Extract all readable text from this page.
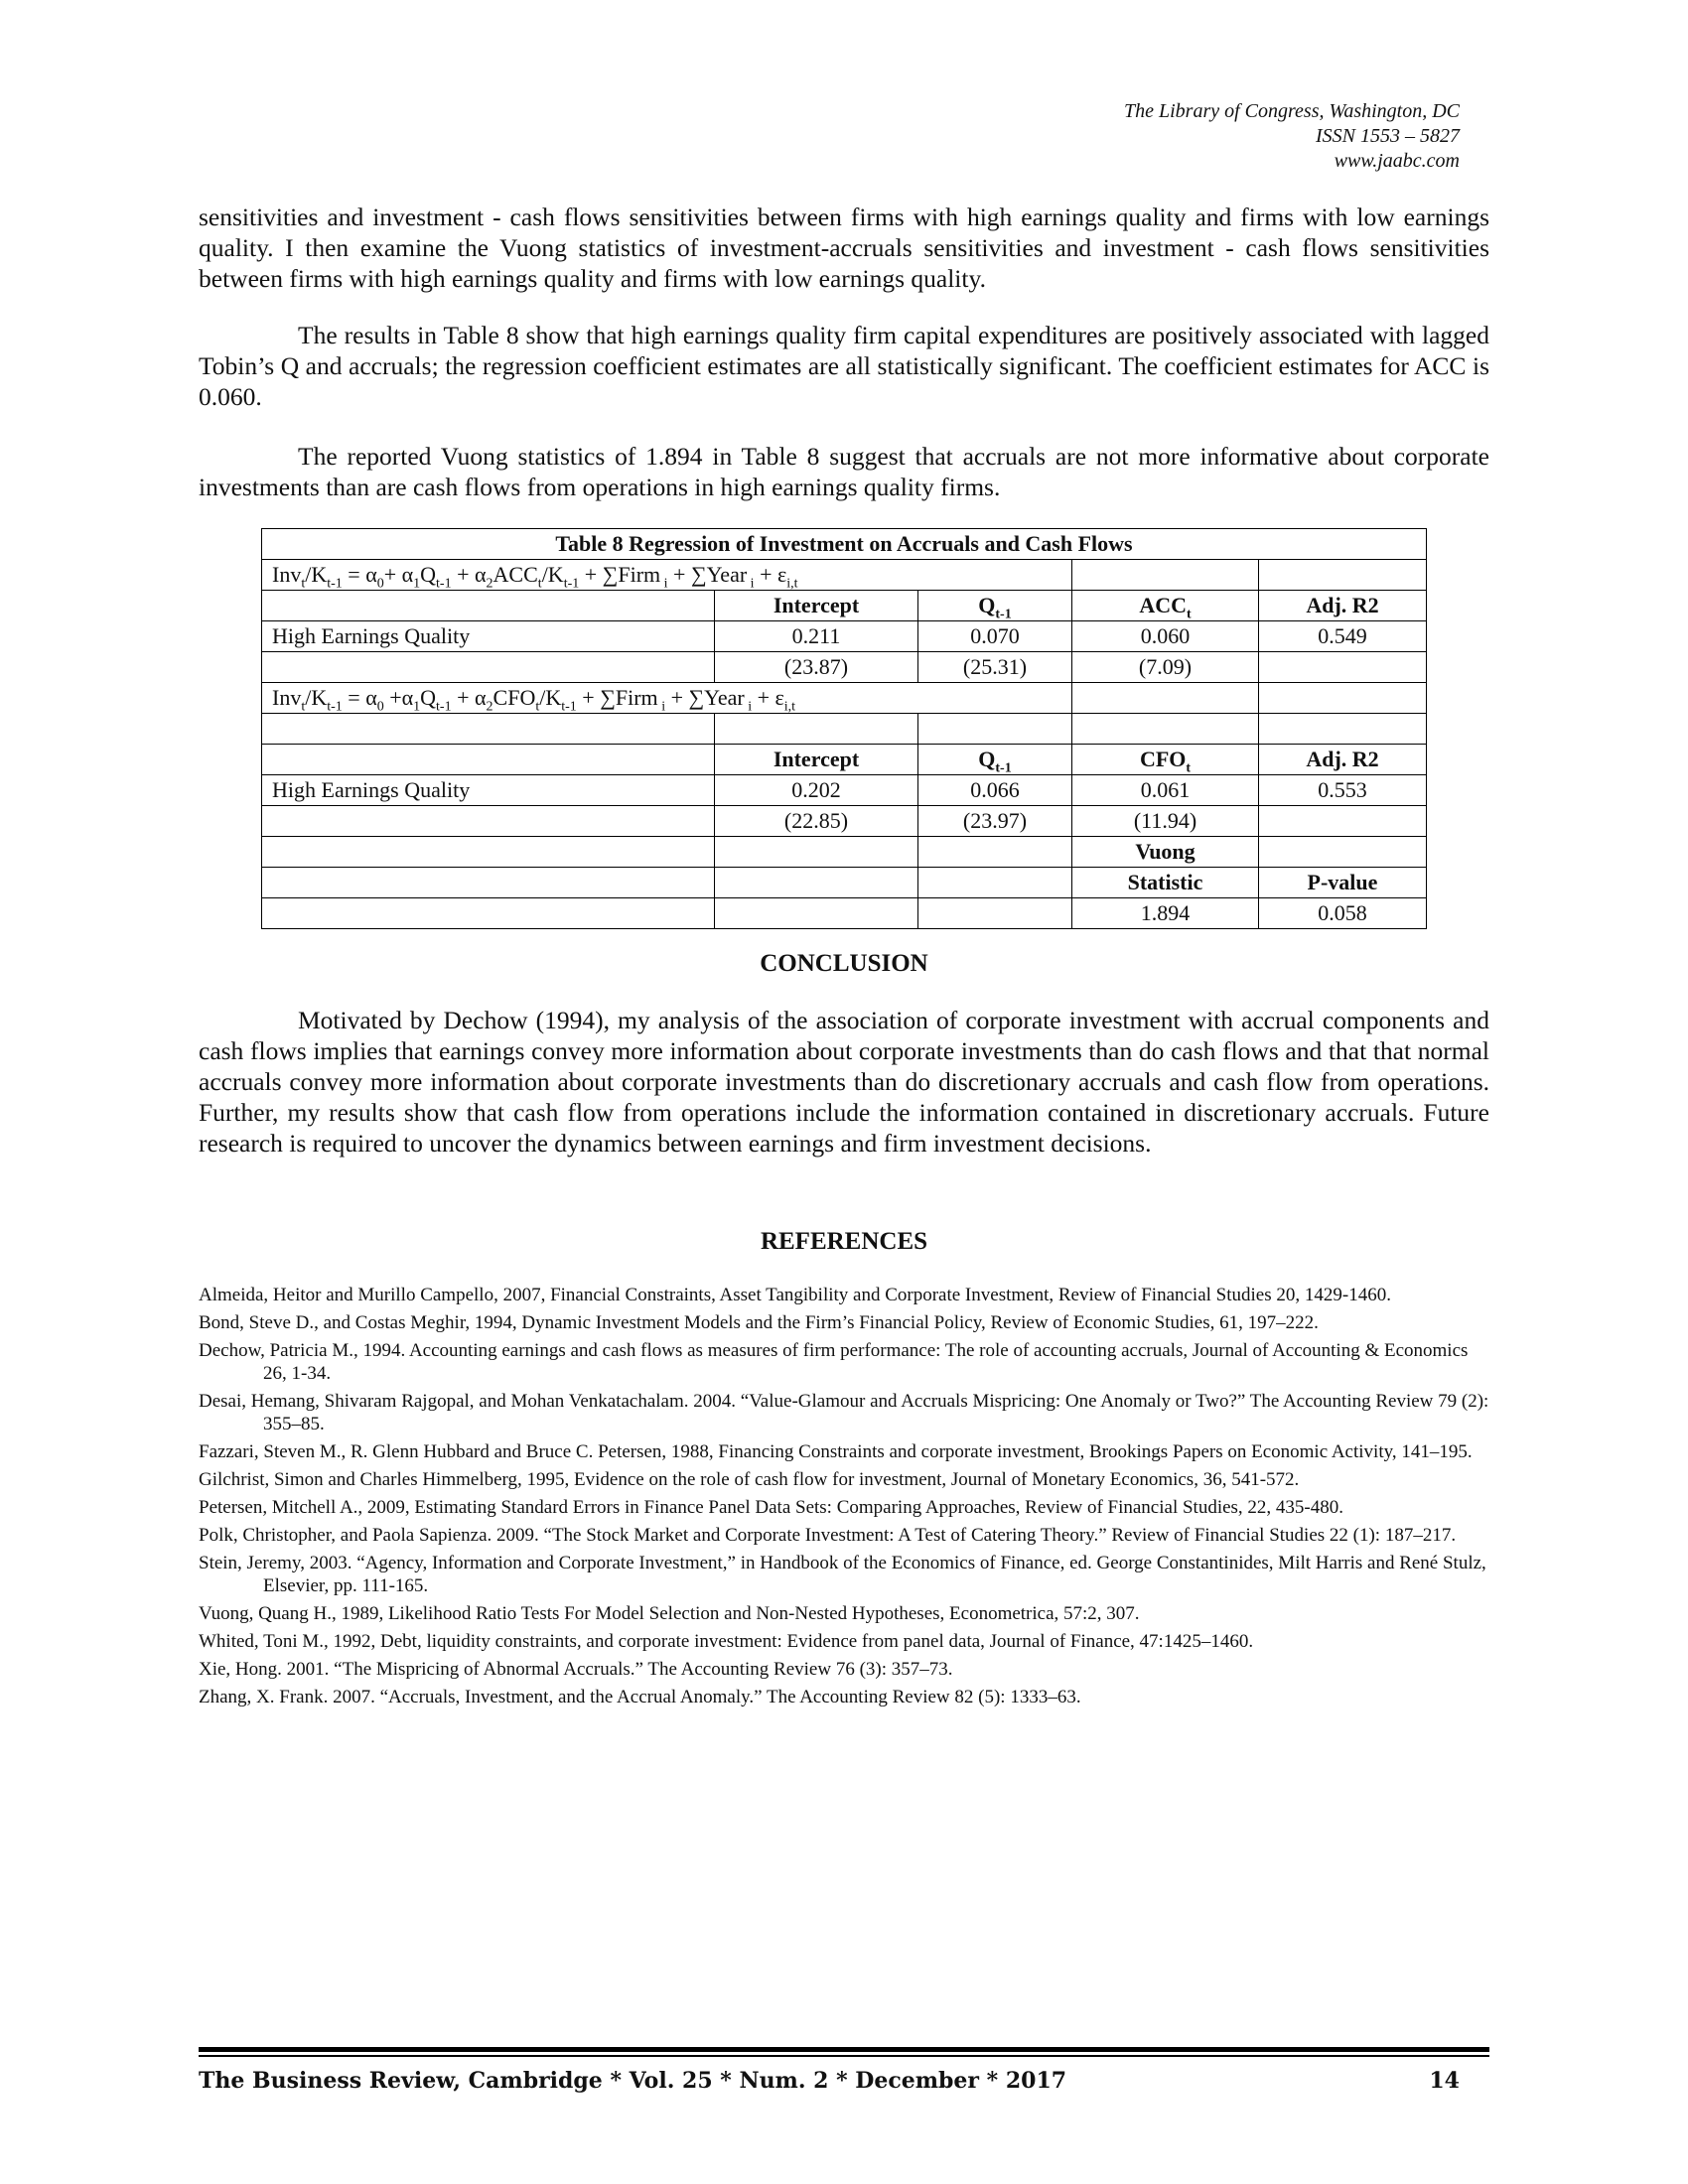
The Library of Congress, Washington, DC
ISSN 1553 – 5827
www.jaabc.com

sensitivities and investment - cash flows sensitivities between firms with high earnings quality and firms with low earnings quality. I then examine the Vuong statistics of investment-accruals sensitivities and investment - cash flows sensitivities between firms with high earnings quality and firms with low earnings quality.

The results in Table 8 show that high earnings quality firm capital expenditures are positively associated with lagged Tobin’s Q and accruals; the regression coefficient estimates are all statistically significant. The coefficient estimates for ACC is 0.060.

The reported Vuong statistics of 1.894 in Table 8 suggest that accruals are not more informative about corporate investments than are cash flows from operations in high earnings quality firms.

Table 8 Regression of Investment on Accruals and Cash Flows				
$Inv_t/K_{t-1} = \alpha_0+ \alpha_1Q_{t-1} + \alpha_2ACC_t/K_{t-1}$ + ∑Firm $_i$ + ∑Year $_i + \varepsilon_{i,t}$		
	Intercept	$Q_{t-1}$	$ACC_t$	Adj. R2
High Earnings Quality	0.211	0.070	0.060	0.549
	(23.87)	(25.31)	(7.09)	
$Inv_t/K_{t-1} = \alpha_0 +\alpha_1Q_{t-1} + \alpha_2CFO_t/K_{t-1}$ + ∑Firm $_i$ + ∑Year $_i + \varepsilon_{i,t}$		

	Intercept	$Q_{t-1}$	$CFO_t$	Adj. R2
High Earnings Quality	0.202	0.066	0.061	0.553
	(22.85)	(23.97)	(11.94)	
			Vuong	
			Statistic	P-value
			1.894	0.058
CONCLUSION

Motivated by Dechow (1994), my analysis of the association of corporate investment with accrual components and cash flows implies that earnings convey more information about corporate investments than do cash flows and that that normal accruals convey more information about corporate investments than do discretionary accruals and cash flow from operations. Further, my results show that cash flow from operations include the information contained in discretionary accruals. Future research is required to uncover the dynamics between earnings and firm investment decisions.

REFERENCES
Almeida, Heitor and Murillo Campello, 2007, Financial Constraints, Asset Tangibility and Corporate Investment, Review of Financial Studies 20, 1429-1460.
Bond, Steve D., and Costas Meghir, 1994, Dynamic Investment Models and the Firm’s Financial Policy, Review of Economic Studies, 61, 197–222.
Dechow, Patricia M., 1994. Accounting earnings and cash flows as measures of firm performance: The role of accounting accruals, Journal of Accounting & Economics 26, 1-34.
Desai, Hemang, Shivaram Rajgopal, and Mohan Venkatachalam. 2004. “Value-Glamour and Accruals Mispricing: One Anomaly or Two?” The Accounting Review 79 (2): 355–85.
Fazzari, Steven M., R. Glenn Hubbard and Bruce C. Petersen, 1988, Financing Constraints and corporate investment, Brookings Papers on Economic Activity, 141–195.
Gilchrist, Simon and Charles Himmelberg, 1995, Evidence on the role of cash flow for investment, Journal of Monetary Economics, 36, 541-572.
Petersen, Mitchell A., 2009, Estimating Standard Errors in Finance Panel Data Sets: Comparing Approaches, Review of Financial Studies, 22, 435-480.
Polk, Christopher, and Paola Sapienza. 2009. “The Stock Market and Corporate Investment: A Test of Catering Theory.” Review of Financial Studies 22 (1): 187–217.
Stein, Jeremy, 2003. “Agency, Information and Corporate Investment,” in Handbook of the Economics of Finance, ed. George Constantinides, Milt Harris and René Stulz, Elsevier, pp. 111-165.
Vuong, Quang H., 1989, Likelihood Ratio Tests For Model Selection and Non-Nested Hypotheses, Econometrica, 57:2, 307.
Whited, Toni M., 1992, Debt, liquidity constraints, and corporate investment: Evidence from panel data, Journal of Finance, 47:1425–1460.
Xie, Hong. 2001. “The Mispricing of Abnormal Accruals.” The Accounting Review 76 (3): 357–73.
Zhang, X. Frank. 2007. “Accruals, Investment, and the Accrual Anomaly.” The Accounting Review 82 (5): 1333–63.
The Business Review, Cambridge * Vol. 25 * Num. 2 * December * 2017	14
